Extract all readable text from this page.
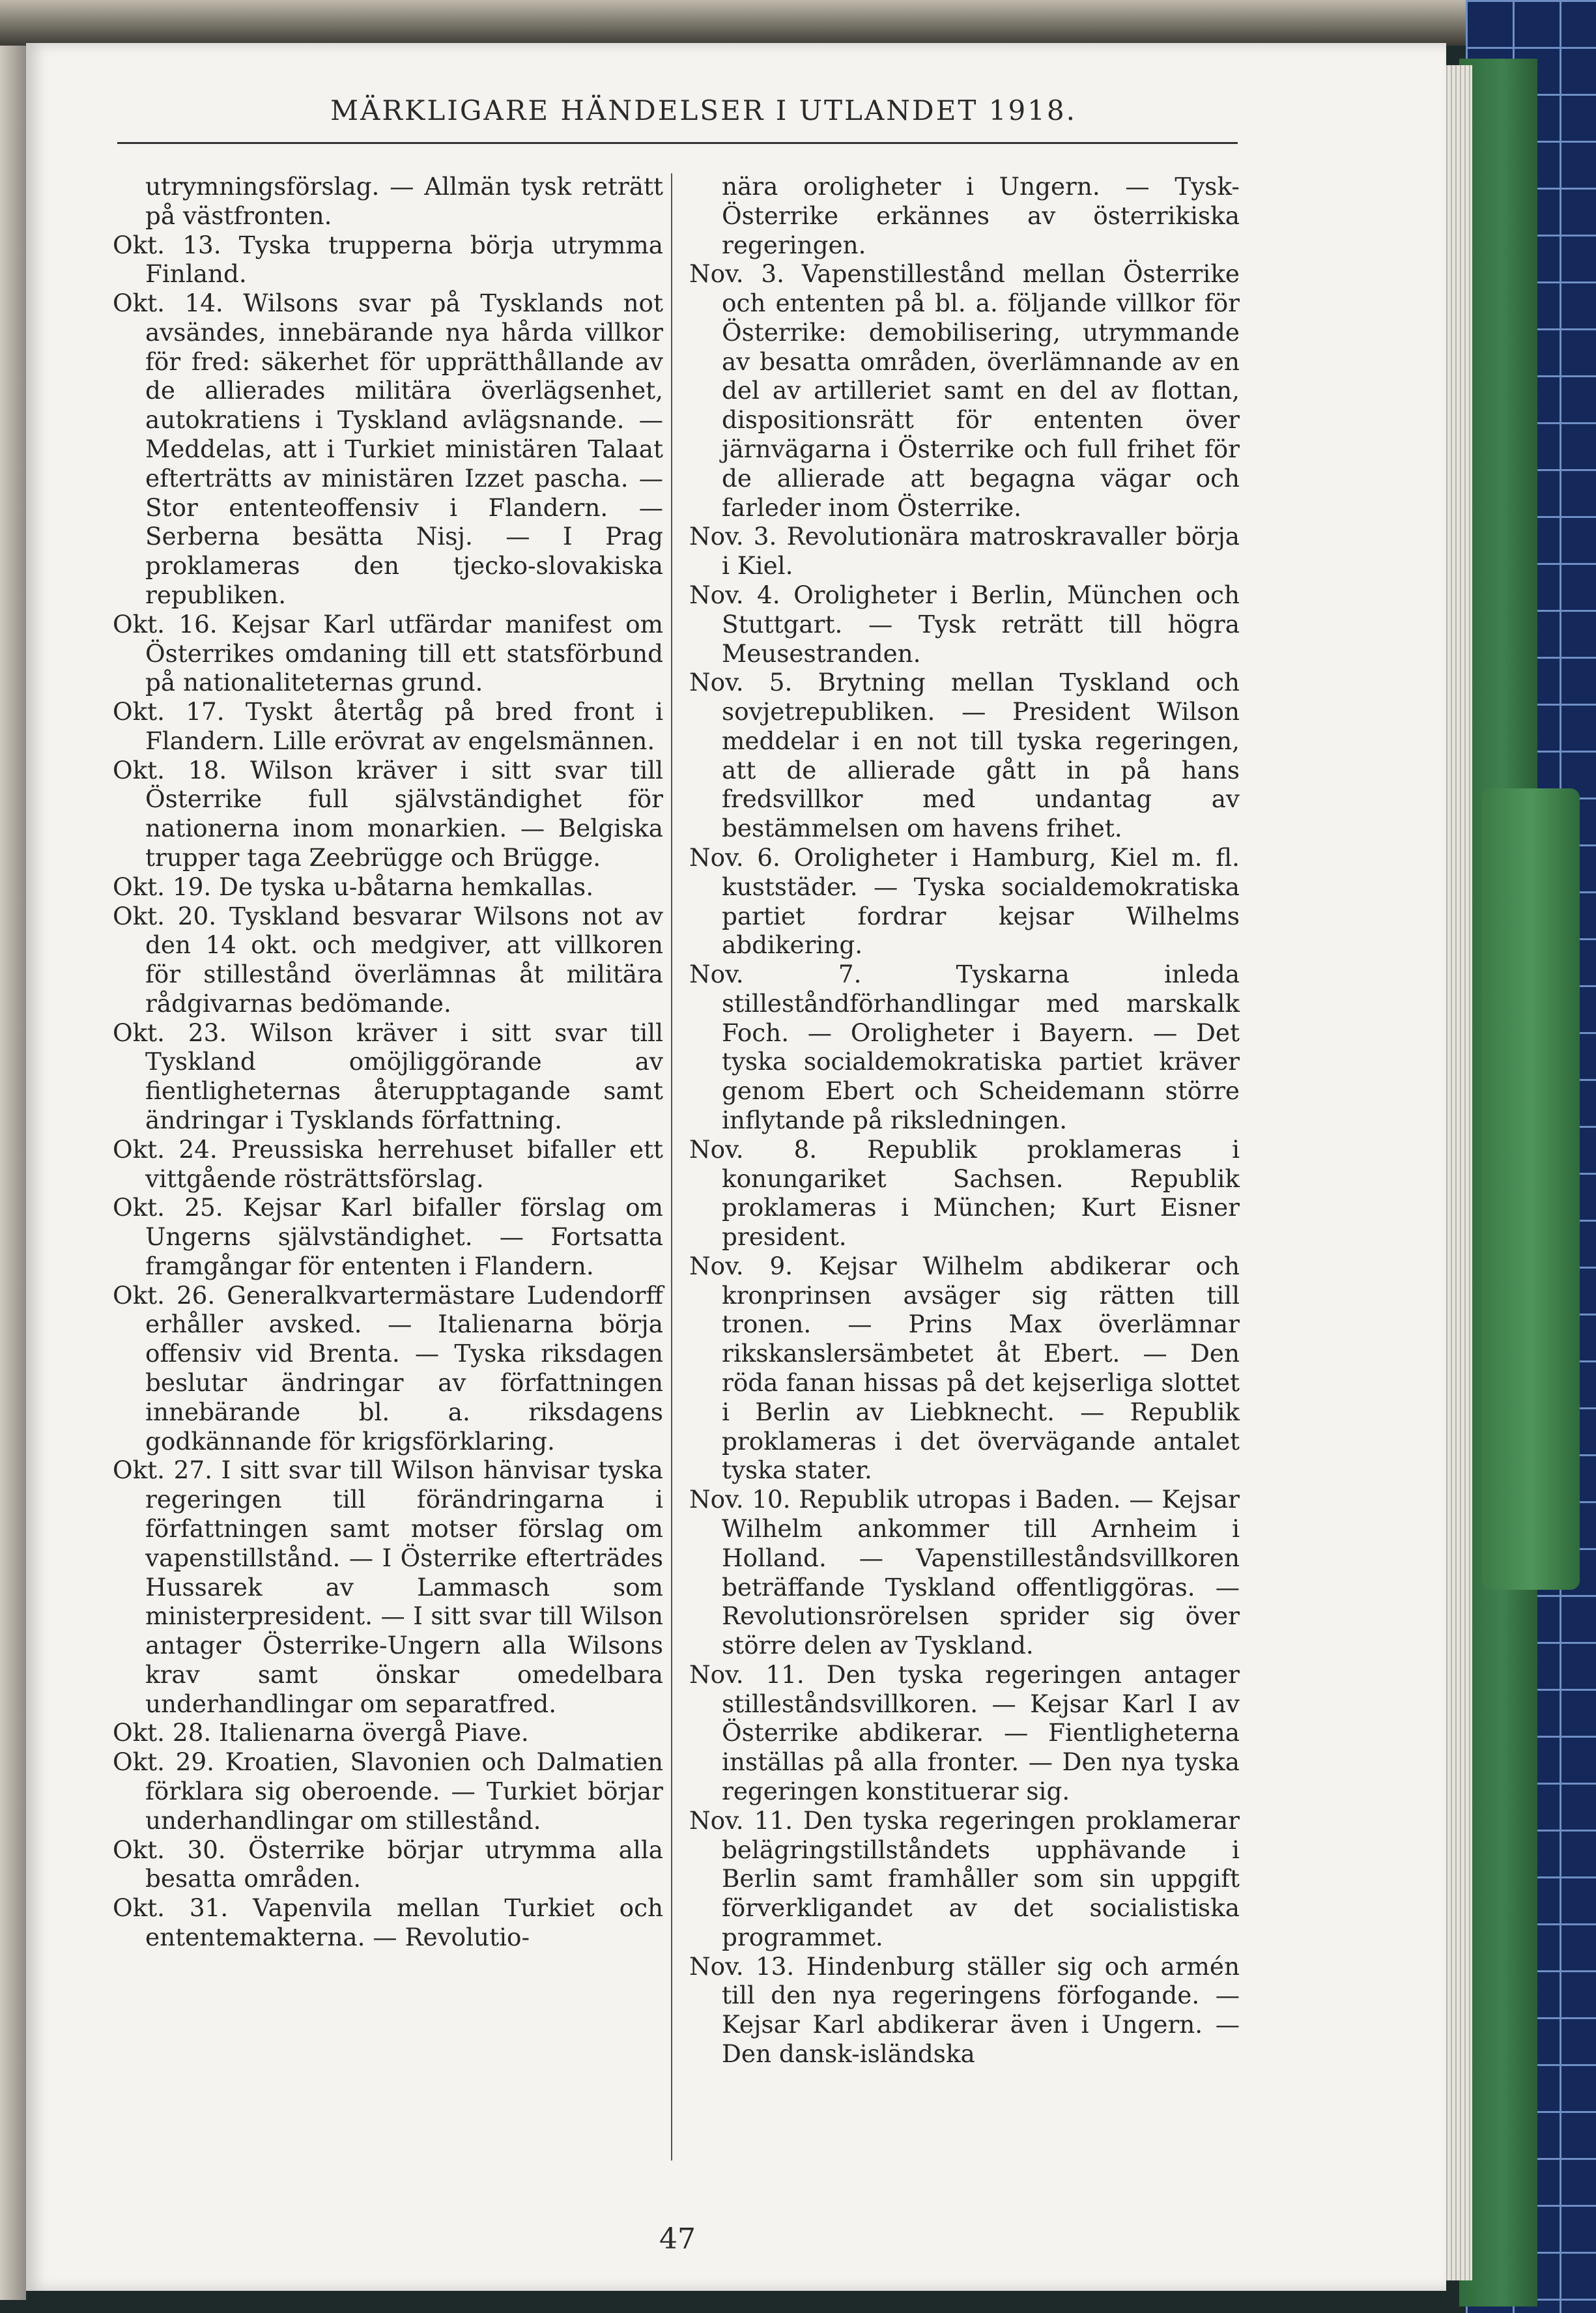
MÄRKLIGARE HÄNDELSER I UTLANDET 1918.

utrymningsförslag. — Allmän tysk reträtt på västfronten.

Okt. 13. Tyska trupperna börja utrymma Finland.

Okt. 14. Wilsons svar på Tysklands not avsändes, innebärande nya hårda villkor för fred: säkerhet för upprätthållande av de allierades militära överlägsenhet, autokratiens i Tyskland avlägsnande. — Meddelas, att i Turkiet ministären Talaat efterträtts av ministären Izzet pascha. — Stor ententeoffensiv i Flandern. — Serberna besätta Nisj. — I Prag proklameras den tjecko-slovakiska republiken.

Okt. 16. Kejsar Karl utfärdar manifest om Österrikes omdaning till ett statsförbund på nationaliteternas grund.

Okt. 17. Tyskt återtåg på bred front i Flandern. Lille erövrat av engelsmännen.

Okt. 18. Wilson kräver i sitt svar till Österrike full självständighet för nationerna inom monarkien. — Belgiska trupper taga Zeebrügge och Brügge.

Okt. 19. De tyska u-båtarna hemkallas.

Okt. 20. Tyskland besvarar Wilsons not av den 14 okt. och medgiver, att villkoren för stillestånd överlämnas åt militära rådgivarnas bedömande.

Okt. 23. Wilson kräver i sitt svar till Tyskland omöjliggörande av fientligheternas återupptagande samt ändringar i Tysklands författning.

Okt. 24. Preussiska herrehuset bifaller ett vittgående rösträttsförslag.

Okt. 25. Kejsar Karl bifaller förslag om Ungerns självständighet. — Fortsatta framgångar för ententen i Flandern.

Okt. 26. Generalkvartermästare Ludendorff erhåller avsked. — Italienarna börja offensiv vid Brenta. — Tyska riksdagen beslutar ändringar av författningen innebärande bl. a. riksdagens godkännande för krigsförklaring.

Okt. 27. I sitt svar till Wilson hänvisar tyska regeringen till förändringarna i författningen samt motser förslag om vapenstillstånd. — I Österrike efterträdes Hussarek av Lammasch som ministerpresident. — I sitt svar till Wilson antager Österrike-Ungern alla Wilsons krav samt önskar omedelbara underhandlingar om separatfred.

Okt. 28. Italienarna övergå Piave.

Okt. 29. Kroatien, Slavonien och Dalmatien förklara sig oberoende. — Turkiet börjar underhandlingar om stillestånd.

Okt. 30. Österrike börjar utrymma alla besatta områden.

Okt. 31. Vapenvila mellan Turkiet och ententemakterna. — Revolutio-

nära oroligheter i Ungern. — Tysk-Österrike erkännes av österrikiska regeringen.

Nov. 3. Vapenstillestånd mellan Österrike och ententen på bl. a. följande villkor för Österrike: demobilisering, utrymmande av besatta områden, överlämnande av en del av artilleriet samt en del av flottan, dispositionsrätt för ententen över järnvägarna i Österrike och full frihet för de allierade att begagna vägar och farleder inom Österrike.

Nov. 3. Revolutionära matroskravaller börja i Kiel.

Nov. 4. Oroligheter i Berlin, München och Stuttgart. — Tysk reträtt till högra Meusestranden.

Nov. 5. Brytning mellan Tyskland och sovjetrepubliken. — President Wilson meddelar i en not till tyska regeringen, att de allierade gått in på hans fredsvillkor med undantag av bestämmelsen om havens frihet.

Nov. 6. Oroligheter i Hamburg, Kiel m. fl. kuststäder. — Tyska socialdemokratiska partiet fordrar kejsar Wilhelms abdikering.

Nov. 7. Tyskarna inleda stilleståndförhandlingar med marskalk Foch. — Oroligheter i Bayern. — Det tyska socialdemokratiska partiet kräver genom Ebert och Scheidemann större inflytande på riksledningen.

Nov. 8. Republik proklameras i konungariket Sachsen. Republik proklameras i München; Kurt Eisner president.

Nov. 9. Kejsar Wilhelm abdikerar och kronprinsen avsäger sig rätten till tronen. — Prins Max överlämnar rikskanslersämbetet åt Ebert. — Den röda fanan hissas på det kejserliga slottet i Berlin av Liebknecht. — Republik proklameras i det övervägande antalet tyska stater.

Nov. 10. Republik utropas i Baden. — Kejsar Wilhelm ankommer till Arnheim i Holland. — Vapenstilleståndsvillkoren beträffande Tyskland offentliggöras. — Revolutionsrörelsen sprider sig över större delen av Tyskland.

Nov. 11. Den tyska regeringen antager stilleståndsvillkoren. — Kejsar Karl I av Österrike abdikerar. — Fientligheterna inställas på alla fronter. — Den nya tyska regeringen konstituerar sig.

Nov. 11. Den tyska regeringen proklamerar belägringstillståndets upphävande i Berlin samt framhåller som sin uppgift förverkligandet av det socialistiska programmet.

Nov. 13. Hindenburg ställer sig och armén till den nya regeringens förfogande. — Kejsar Karl abdikerar även i Ungern. — Den dansk-isländska

47
